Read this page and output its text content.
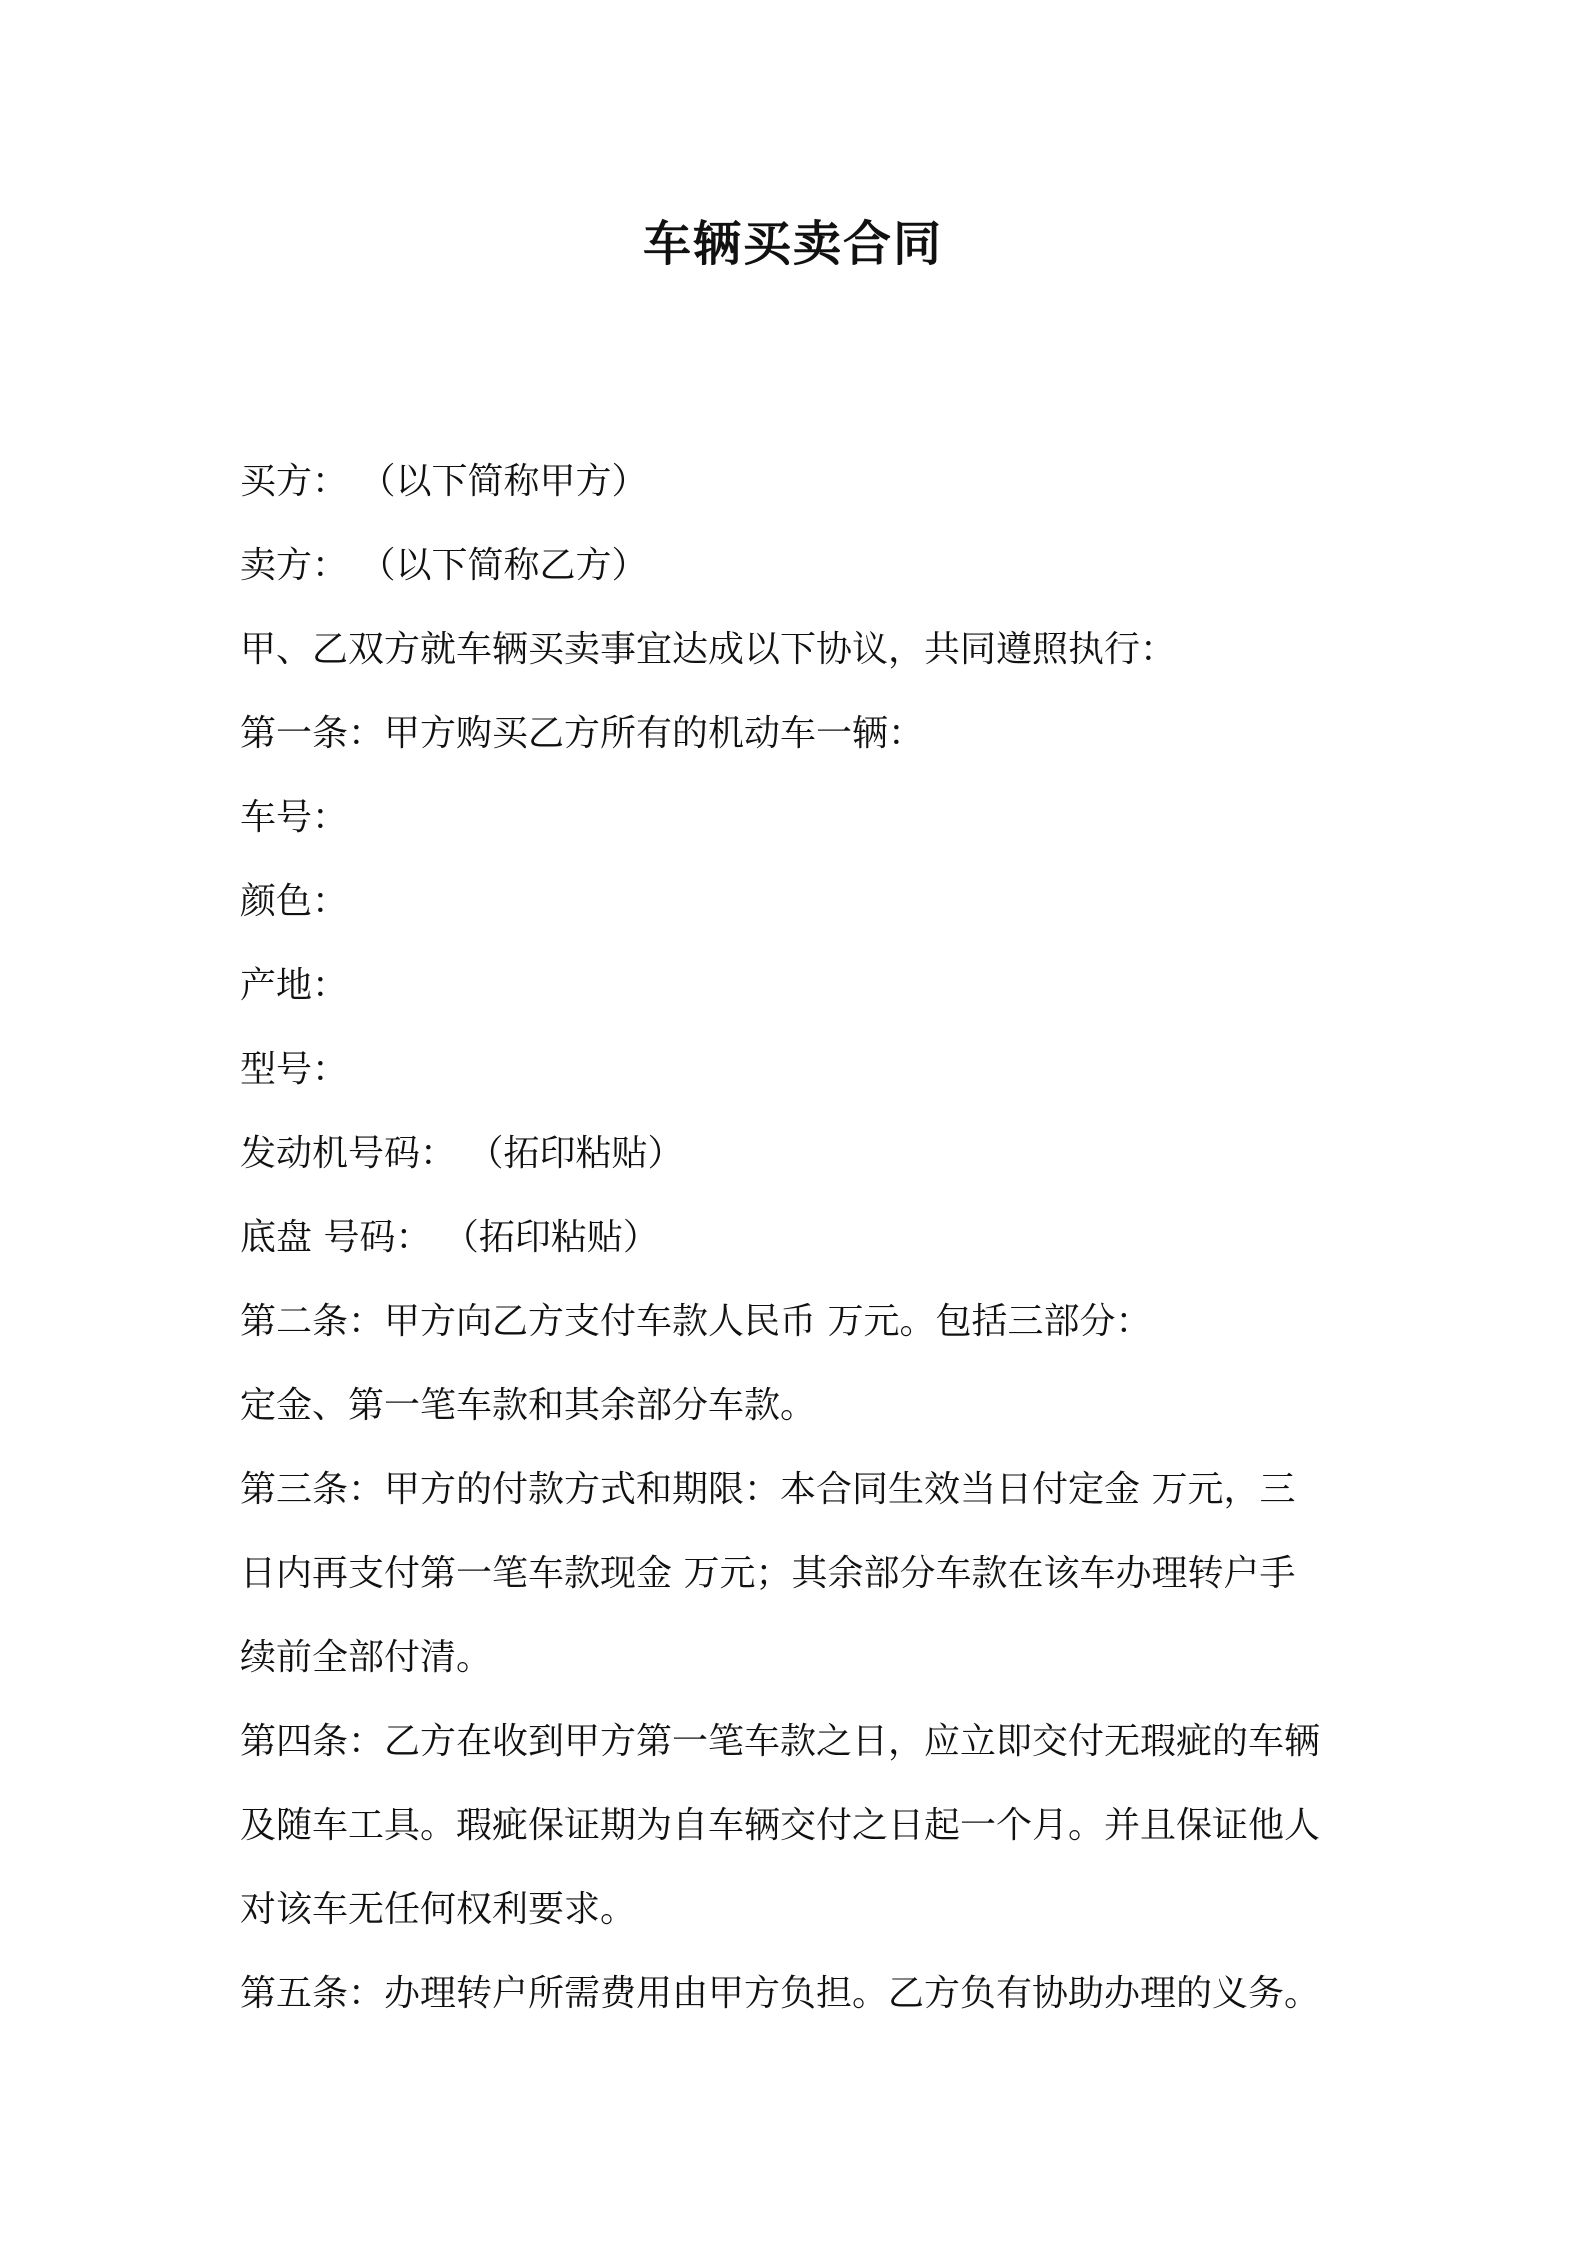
车辆买卖合同
买方： （以下简称甲方）
卖方： （以下简称乙方）
甲、乙双方就车辆买卖事宜达成以下协议，共同遵照执行：
第一条：甲方购买乙方所有的机动车一辆：
车号：
颜色：
产地：
型号：
发动机号码： （拓印粘贴）
底盘 号码： （拓印粘贴）
第二条：甲方向乙方支付车款人民币 万元。包括三部分：
定金、第一笔车款和其余部分车款。
第三条：甲方的付款方式和期限：本合同生效当日付定金 万元，三
日内再支付第一笔车款现金 万元；其余部分车款在该车办理转户手
续前全部付清。
第四条：乙方在收到甲方第一笔车款之日，应立即交付无瑕疵的车辆
及随车工具。瑕疵保证期为自车辆交付之日起一个月。并且保证他人
对该车无任何权利要求。
第五条：办理转户所需费用由甲方负担。乙方负有协助办理的义务。
